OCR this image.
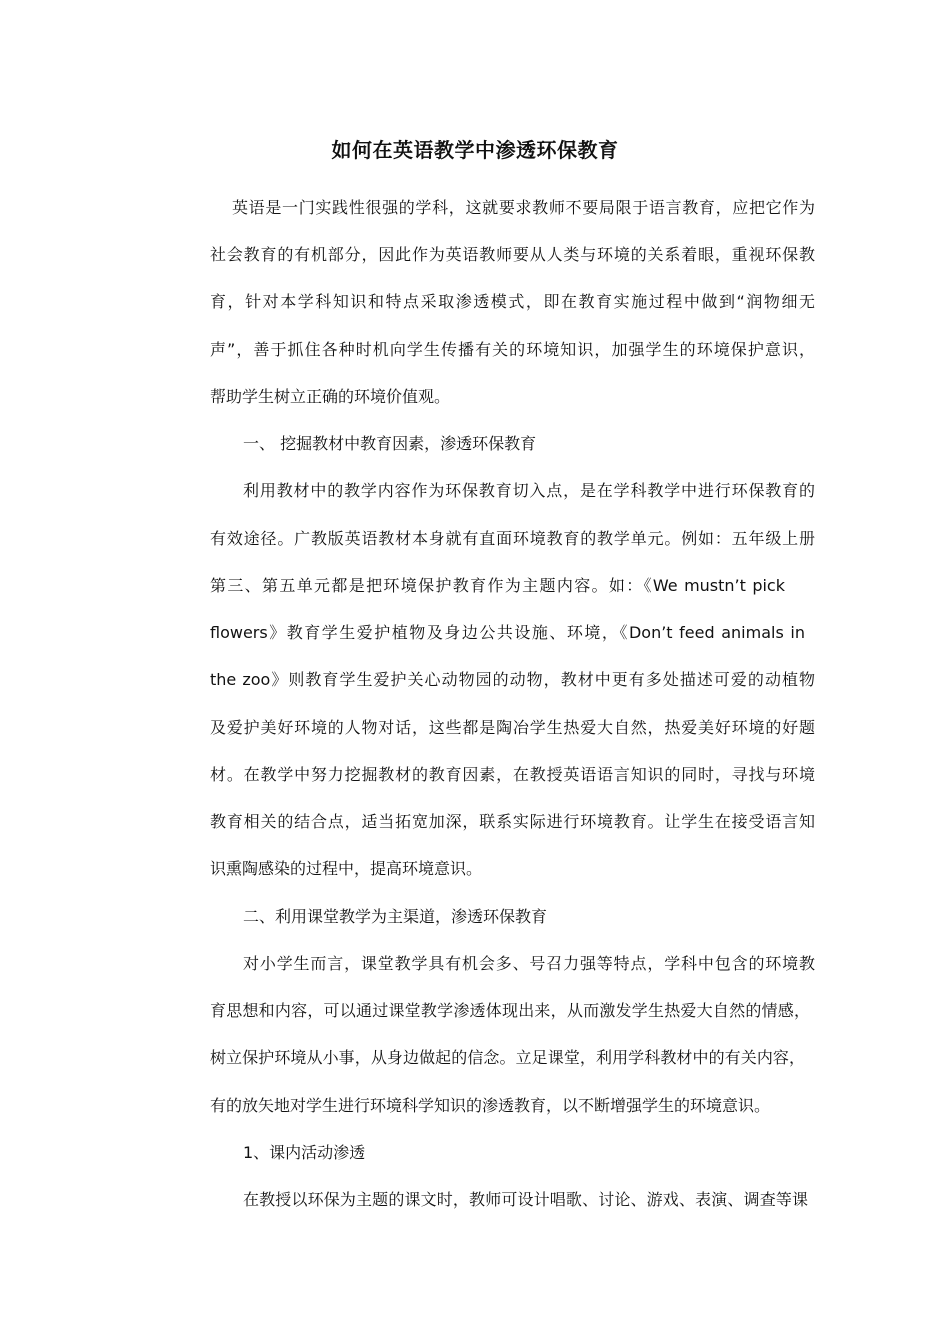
如何在英语教学中渗透环保教育
英语是一门实践性很强的学科，这就要求教师不要局限于语言教育，应把它作为
社会教育的有机部分，因此作为英语教师要从人类与环境的关系着眼，重视环保教
育，针对本学科知识和特点采取渗透模式，即在教育实施过程中做到“润物细无
声”，善于抓住各种时机向学生传播有关的环境知识，加强学生的环境保护意识，
帮助学生树立正确的环境价值观。
一、 挖掘教材中教育因素，渗透环保教育
利用教材中的教学内容作为环保教育切入点，是在学科教学中进行环保教育的
有效途径。广教版英语教材本身就有直面环境教育的教学单元。例如：五年级上册
第三、第五单元都是把环境保护教育作为主题内容。如：《We mustn’t pick
flowers》教育学生爱护植物及身边公共设施、环境，《Don’t feed animals in
the zoo》则教育学生爱护关心动物园的动物，教材中更有多处描述可爱的动植物
及爱护美好环境的人物对话，这些都是陶冶学生热爱大自然，热爱美好环境的好题
材。在教学中努力挖掘教材的教育因素，在教授英语语言知识的同时，寻找与环境
教育相关的结合点，适当拓宽加深，联系实际进行环境教育。让学生在接受语言知
识熏陶感染的过程中，提高环境意识。
二、利用课堂教学为主渠道，渗透环保教育
对小学生而言，课堂教学具有机会多、号召力强等特点，学科中包含的环境教
育思想和内容，可以通过课堂教学渗透体现出来，从而激发学生热爱大自然的情感，
树立保护环境从小事，从身边做起的信念。立足课堂，利用学科教材中的有关内容，
有的放矢地对学生进行环境科学知识的渗透教育，以不断增强学生的环境意识。
1、课内活动渗透
在教授以环保为主题的课文时，教师可设计唱歌、讨论、游戏、表演、调查等课
